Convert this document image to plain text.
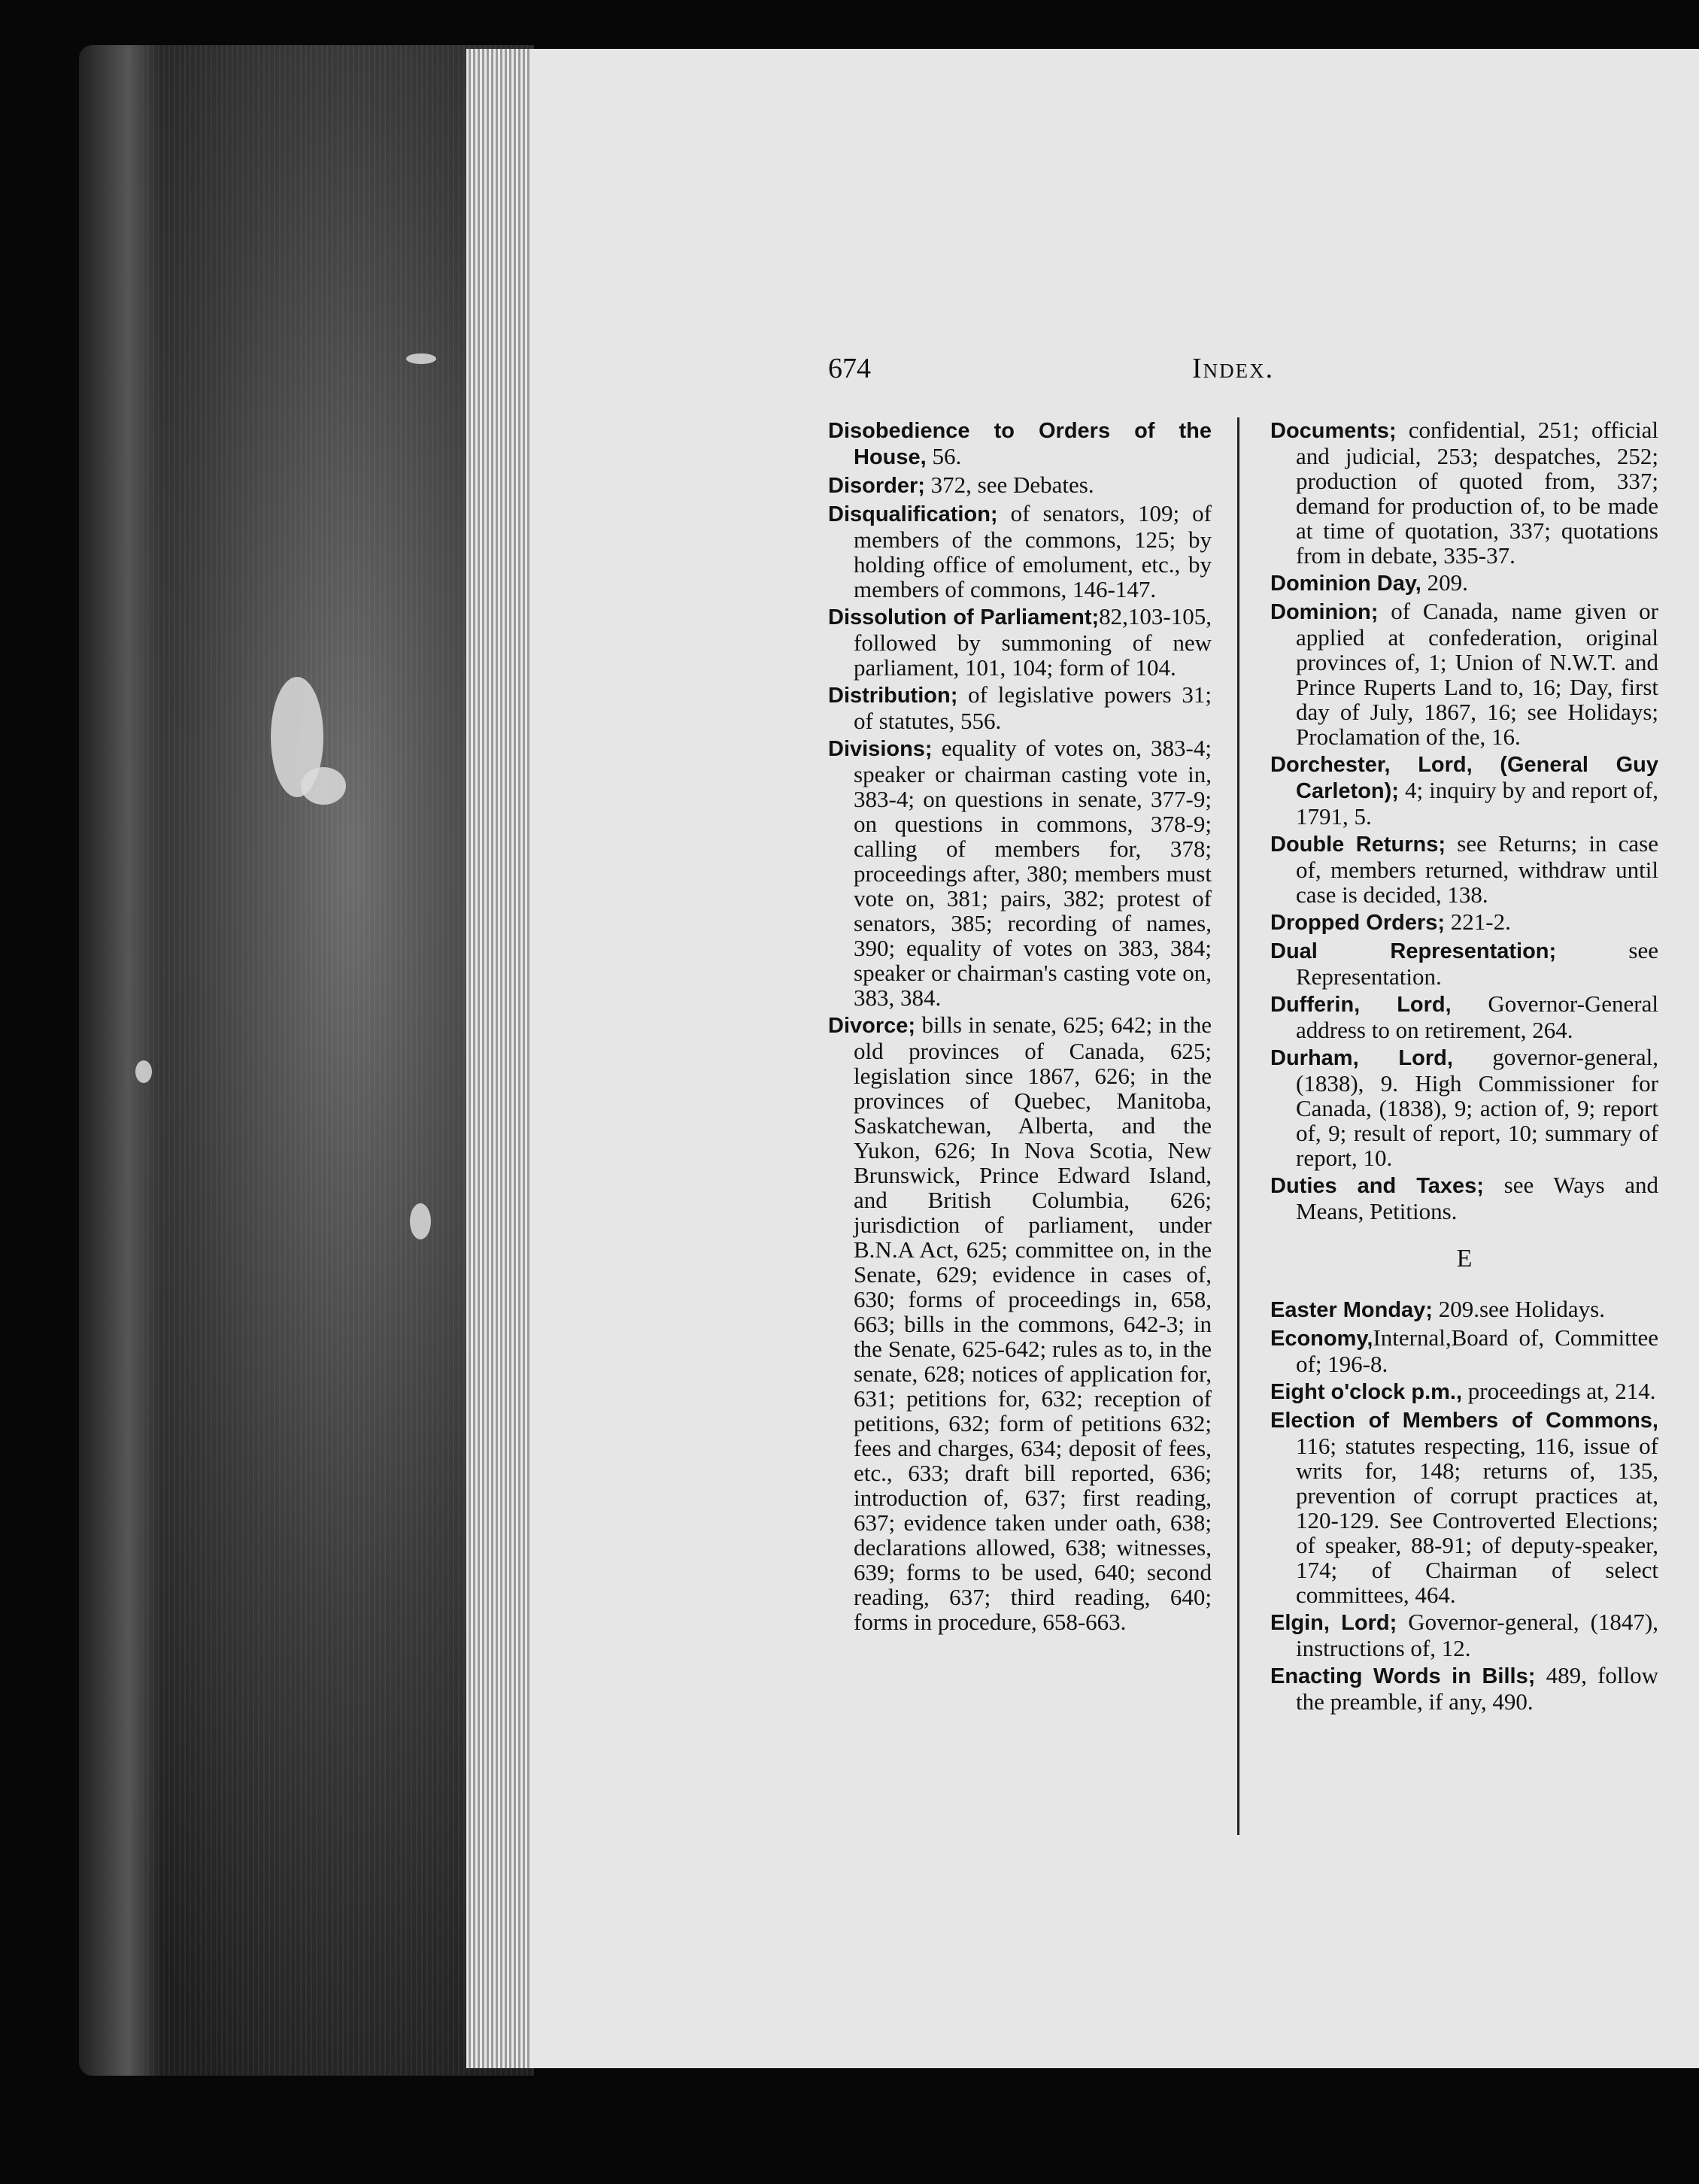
674	Index.
Disobedience to Orders of the House, 56.
Disorder; 372, see Debates.
Disqualification; of senators, 109; of members of the commons, 125; by holding office of emolument, etc., by members of commons, 146-147.
Dissolution of Parliament;82,103-105, followed by summoning of new parliament, 101, 104; form of 104.
Distribution; of legislative powers 31; of statutes, 556.
Divisions; equality of votes on, 383-4; speaker or chairman casting vote in, 383-4; on questions in senate, 377-9; on questions in commons, 378-9; calling of members for, 378; proceedings after, 380; members must vote on, 381; pairs, 382; protest of senators, 385; recording of names, 390; equality of votes on 383, 384; speaker or chairman's casting vote on, 383, 384.
Divorce; bills in senate, 625; 642; in the old provinces of Canada, 625; legislation since 1867, 626; in the provinces of Quebec, Manitoba, Saskatchewan, Alberta, and the Yukon, 626; In Nova Scotia, New Brunswick, Prince Edward Island, and British Columbia, 626; jurisdiction of parliament, under B.N.A Act, 625; committee on, in the Senate, 629; evidence in cases of, 630; forms of proceedings in, 658, 663; bills in the commons, 642-3; in the Senate, 625-642; rules as to, in the senate, 628; notices of application for, 631; petitions for, 632; reception of petitions, 632; form of petitions 632; fees and charges, 634; deposit of fees, etc., 633; draft bill reported, 636; introduction of, 637; first reading, 637; evidence taken under oath, 638; declarations allowed, 638; witnesses, 639; forms to be used, 640; second reading, 637; third reading, 640; forms in procedure, 658-663.
Documents; confidential, 251; official and judicial, 253; despatches, 252; production of quoted from, 337; demand for production of, to be made at time of quotation, 337; quotations from in debate, 335-37.
Dominion Day, 209.
Dominion; of Canada, name given or applied at confederation, original provinces of, 1; Union of N.W.T. and Prince Ruperts Land to, 16; Day, first day of July, 1867, 16; see Holidays; Proclamation of the, 16.
Dorchester, Lord, (General Guy Carleton); 4; inquiry by and report of, 1791, 5.
Double Returns; see Returns; in case of, members returned, withdraw until case is decided, 138.
Dropped Orders; 221-2.
Dual Representation; see Representation.
Dufferin, Lord, Governor-General address to on retirement, 264.
Durham, Lord, governor-general, (1838), 9. High Commissioner for Canada, (1838), 9; action of, 9; report of, 9; result of report, 10; summary of report, 10.
Duties and Taxes; see Ways and Means, Petitions.
E
Easter Monday; 209.see Holidays.
Economy,Internal,Board of, Committee of; 196-8.
Eight o'clock p.m., proceedings at, 214.
Election of Members of Commons, 116; statutes respecting, 116, issue of writs for, 148; returns of, 135, prevention of corrupt practices at, 120-129. See Controverted Elections; of speaker, 88-91; of deputy-speaker, 174; of Chairman of select committees, 464.
Elgin, Lord; Governor-general, (1847), instructions of, 12.
Enacting Words in Bills; 489, follow the preamble, if any, 490.
